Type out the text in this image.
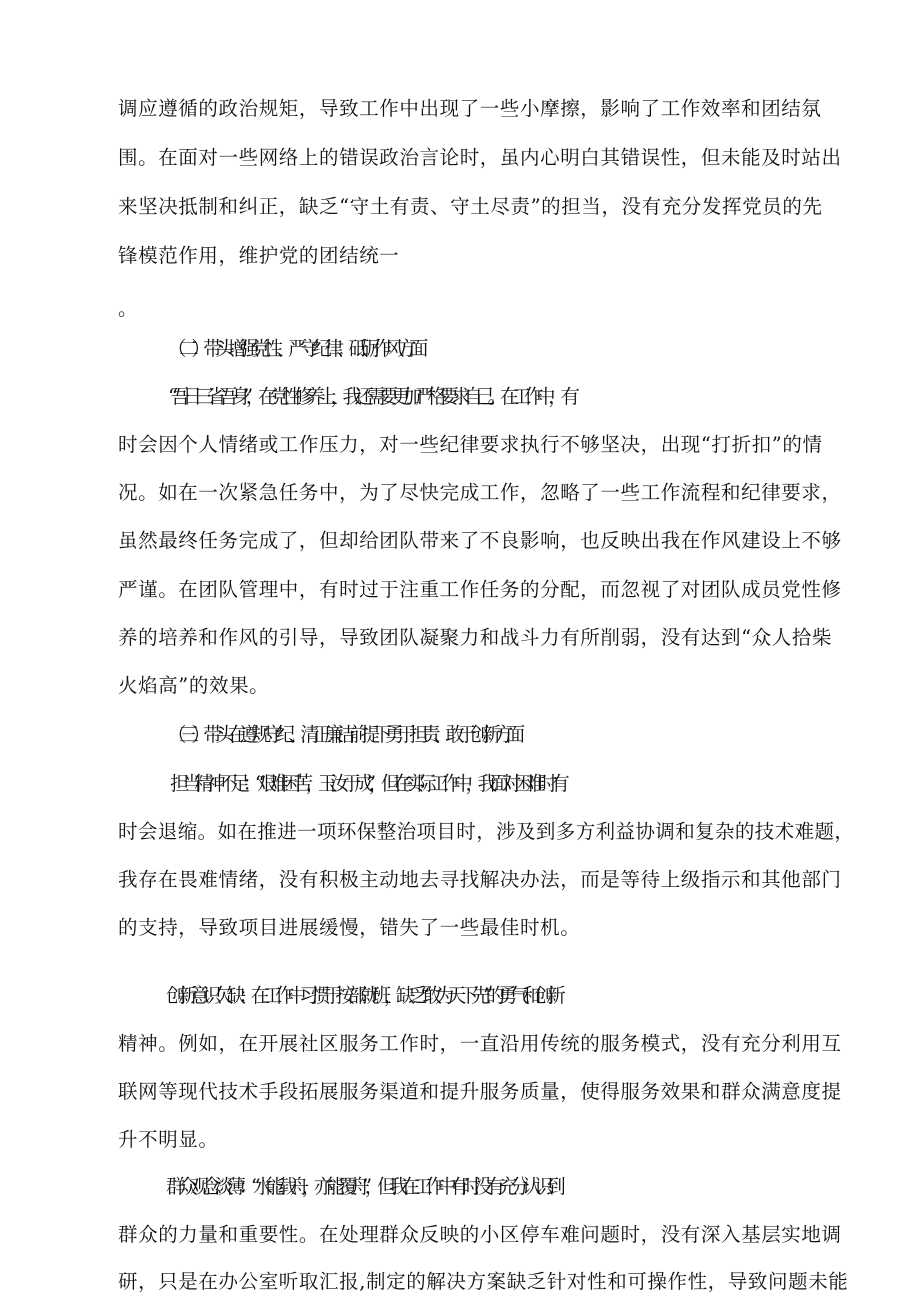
调应遵循的政治规矩，导致工作中出现了一些小摩擦，影响了工作效率和团结氛
围。在面对一些网络上的错误政治言论时，虽内心明白其错误性，但未能及时站出
来坚决抵制和纠正，缺乏“守土有责、守土尽责”的担当，没有充分发挥党员的先
锋模范作用，维护党的团结统一
。
（二）带头增强党性、严守纪律、砥砺作风方面
“吾日三省吾身”，在党性修养上，我还需要更加严格要求自己。在工作中，有
时会因个人情绪或工作压力，对一些纪律要求执行不够坚决，出现“打折扣”的情
况。如在一次紧急任务中，为了尽快完成工作，忽略了一些工作流程和纪律要求，
虽然最终任务完成了，但却给团队带来了不良影响，也反映出我在作风建设上不够
严谨。在团队管理中，有时过于注重工作任务的分配，而忽视了对团队成员党性修
养的培养和作风的引导，导致团队凝聚力和战斗力有所削弱，没有达到“众人拾柴
火焰高”的效果。
（三）带头在遵规守纪、清正廉洁前提下勇于担责、敢于创新方面
担当精神不足：“艰难困苦，玉汝于成”，但在实际工作中，我面对困难时有
时会退缩。如在推进一项环保整治项目时，涉及到多方利益协调和复杂的技术难题，
我存在畏难情绪，没有积极主动地去寻找解决办法，而是等待上级指示和其他部门
的支持，导致项目进展缓慢，错失了一些最佳时机。
创新意识欠缺：在工作中习惯于按部就班，缺乏“敢为天下先”的勇气和创新
精神。例如，在开展社区服务工作时，一直沿用传统的服务模式，没有充分利用互
联网等现代技术手段拓展服务渠道和提升服务质量，使得服务效果和群众满意度提
升不明显。
群众观念淡薄：“水能载舟，亦能覆舟”，但我在工作中有时没有充分认识到
群众的力量和重要性。在处理群众反映的小区停车难问题时，没有深入基层实地调
研，只是在办公室听取汇报,制定的解决方案缺乏针对性和可操作性，导致问题未能
